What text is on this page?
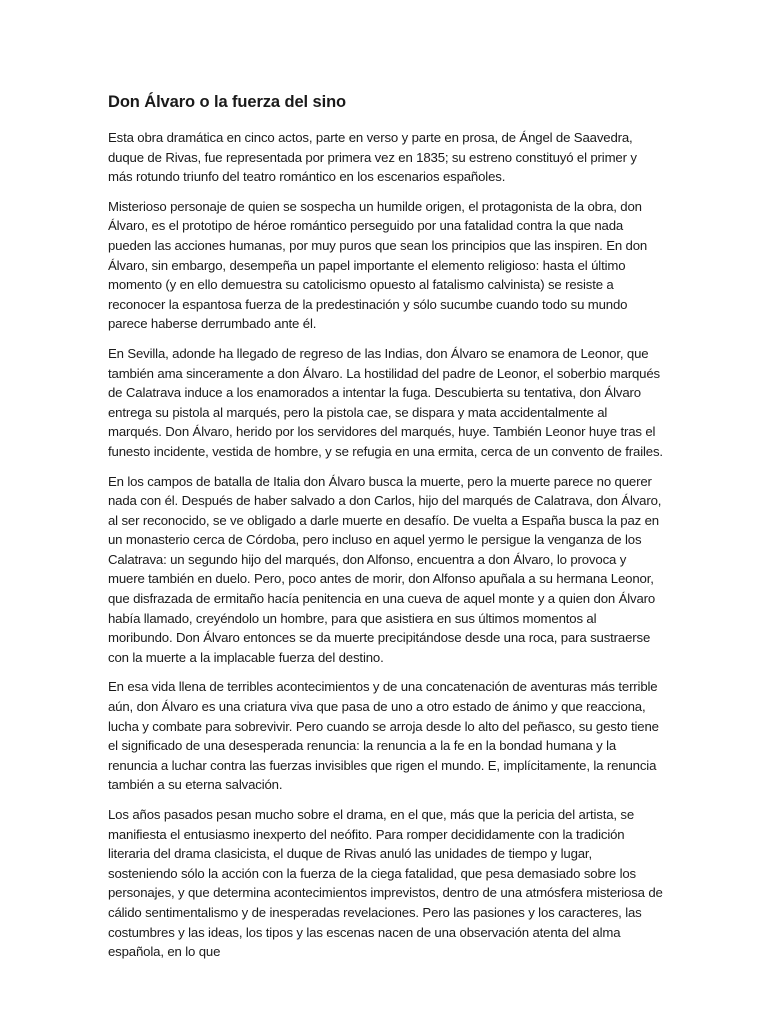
Don Álvaro o la fuerza del sino

Esta obra dramática en cinco actos, parte en verso y parte en prosa, de Ángel de Saavedra, duque de Rivas, fue representada por primera vez en 1835; su estreno constituyó el primer y más rotundo triunfo del teatro romántico en los escenarios españoles.

Misterioso personaje de quien se sospecha un humilde origen, el protagonista de la obra, don Álvaro, es el prototipo de héroe romántico perseguido por una fatalidad contra la que nada pueden las acciones humanas, por muy puros que sean los principios que las inspiren. En don Álvaro, sin embargo, desempeña un papel importante el elemento religioso: hasta el último momento (y en ello demuestra su catolicismo opuesto al fatalismo calvinista) se resiste a reconocer la espantosa fuerza de la predestinación y sólo sucumbe cuando todo su mundo parece haberse derrumbado ante él.

En Sevilla, adonde ha llegado de regreso de las Indias, don Álvaro se enamora de Leonor, que también ama sinceramente a don Álvaro. La hostilidad del padre de Leonor, el soberbio marqués de Calatrava induce a los enamorados a intentar la fuga. Descubierta su tentativa, don Álvaro entrega su pistola al marqués, pero la pistola cae, se dispara y mata accidentalmente al marqués. Don Álvaro, herido por los servidores del marqués, huye. También Leonor huye tras el funesto incidente, vestida de hombre, y se refugia en una ermita, cerca de un convento de frailes.

En los campos de batalla de Italia don Álvaro busca la muerte, pero la muerte parece no querer nada con él. Después de haber salvado a don Carlos, hijo del marqués de Calatrava, don Álvaro, al ser reconocido, se ve obligado a darle muerte en desafío. De vuelta a España busca la paz en un monasterio cerca de Córdoba, pero incluso en aquel yermo le persigue la venganza de los Calatrava: un segundo hijo del marqués, don Alfonso, encuentra a don Álvaro, lo provoca y muere también en duelo. Pero, poco antes de morir, don Alfonso apuñala a su hermana Leonor, que disfrazada de ermitaño hacía penitencia en una cueva de aquel monte y a quien don Álvaro había llamado, creyéndolo un hombre, para que asistiera en sus últimos momentos al moribundo. Don Álvaro entonces se da muerte precipitándose desde una roca, para sustraerse con la muerte a la implacable fuerza del destino.

En esa vida llena de terribles acontecimientos y de una concatenación de aventuras más terrible aún, don Álvaro es una criatura viva que pasa de uno a otro estado de ánimo y que reacciona, lucha y combate para sobrevivir. Pero cuando se arroja desde lo alto del peñasco, su gesto tiene el significado de una desesperada renuncia: la renuncia a la fe en la bondad humana y la renuncia a luchar contra las fuerzas invisibles que rigen el mundo. E, implícitamente, la renuncia también a su eterna salvación.

Los años pasados pesan mucho sobre el drama, en el que, más que la pericia del artista, se manifiesta el entusiasmo inexperto del neófito. Para romper decididamente con la tradición literaria del drama clasicista, el duque de Rivas anuló las unidades de tiempo y lugar, sosteniendo sólo la acción con la fuerza de la ciega fatalidad, que pesa demasiado sobre los personajes, y que determina acontecimientos imprevistos, dentro de una atmósfera misteriosa de cálido sentimentalismo y de inesperadas revelaciones. Pero las pasiones y los caracteres, las costumbres y las ideas, los tipos y las escenas nacen de una observación atenta del alma española, en lo que
